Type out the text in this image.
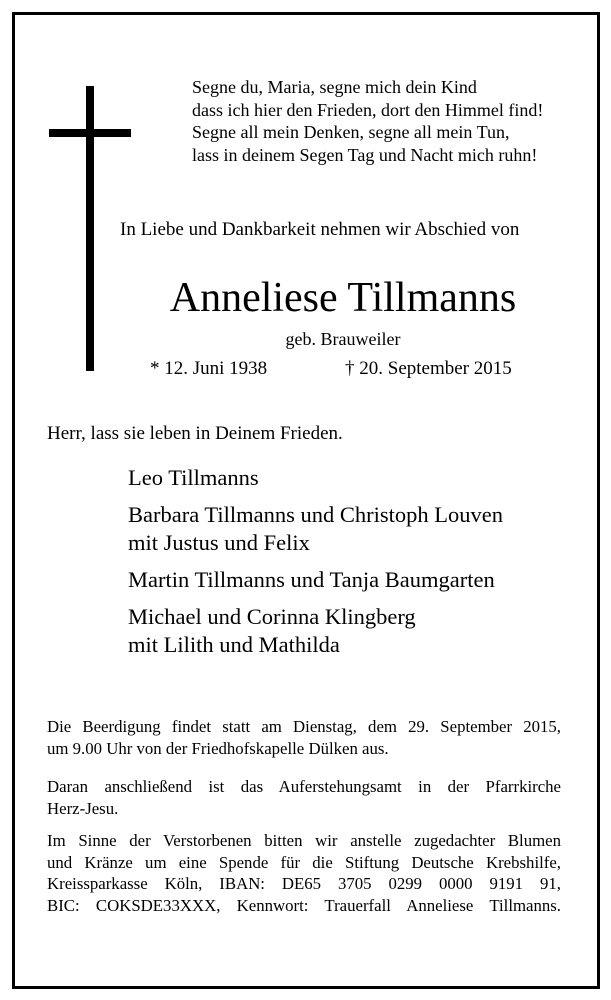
Segne du, Maria, segne mich dein Kind
dass ich hier den Frieden, dort den Himmel find!
Segne all mein Denken, segne all mein Tun,
lass in deinem Segen Tag und Nacht mich ruhn!
In Liebe und Dankbarkeit nehmen wir Abschied von
Anneliese Tillmanns
geb. Brauweiler
* 12. Juni 1938	† 20. September 2015
Herr, lass sie leben in Deinem Frieden.
Leo Tillmanns
Barbara Tillmanns und Christoph Louven
mit Justus und Felix
Martin Tillmanns und Tanja Baumgarten
Michael und Corinna Klingberg
mit Lilith und Mathilda
Die Beerdigung findet statt am Dienstag, dem 29. September 2015,
um 9.00 Uhr von der Friedhofskapelle Dülken aus.
Daran anschließend ist das Auferstehungsamt in der Pfarrkirche
Herz-Jesu.
Im Sinne der Verstorbenen bitten wir anstelle zugedachter Blumen
und Kränze um eine Spende für die Stiftung Deutsche Krebshilfe,
Kreissparkasse Köln, IBAN: DE65 3705 0299 0000 9191 91,
BIC: COKSDE33XXX, Kennwort: Trauerfall Anneliese Tillmanns.
